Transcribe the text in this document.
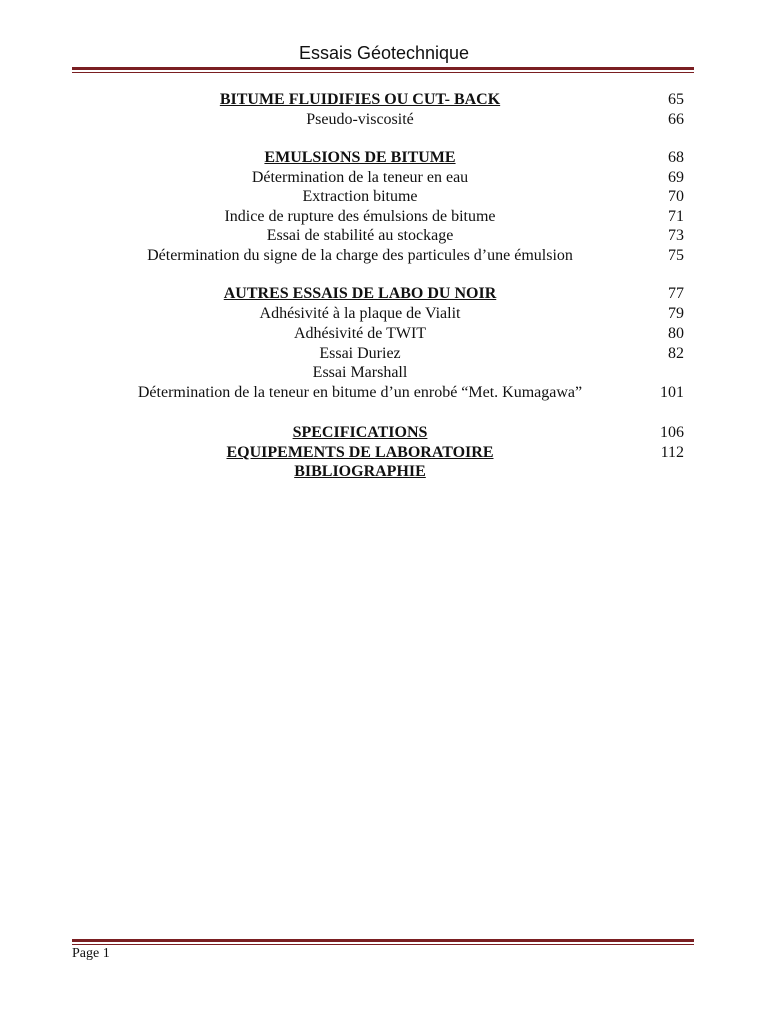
Essais Géotechnique
BITUME FLUIDIFIES OU CUT- BACK	65
Pseudo-viscosité	66
EMULSIONS DE BITUME	68
Détermination de la teneur en eau	69
Extraction bitume	70
Indice de rupture des émulsions de bitume	71
Essai de stabilité au stockage	73
Détermination du signe de la charge des particules d’une émulsion	75
AUTRES ESSAIS DE LABO DU NOIR	77
Adhésivité à la plaque de Vialit	79
Adhésivité de TWIT	80
Essai Duriez	82
Essai Marshall
Détermination de la teneur en bitume d’un enrobé “Met. Kumagawa”	101
SPECIFICATIONS	106
EQUIPEMENTS DE LABORATOIRE	112
BIBLIOGRAPHIE
Page 1
